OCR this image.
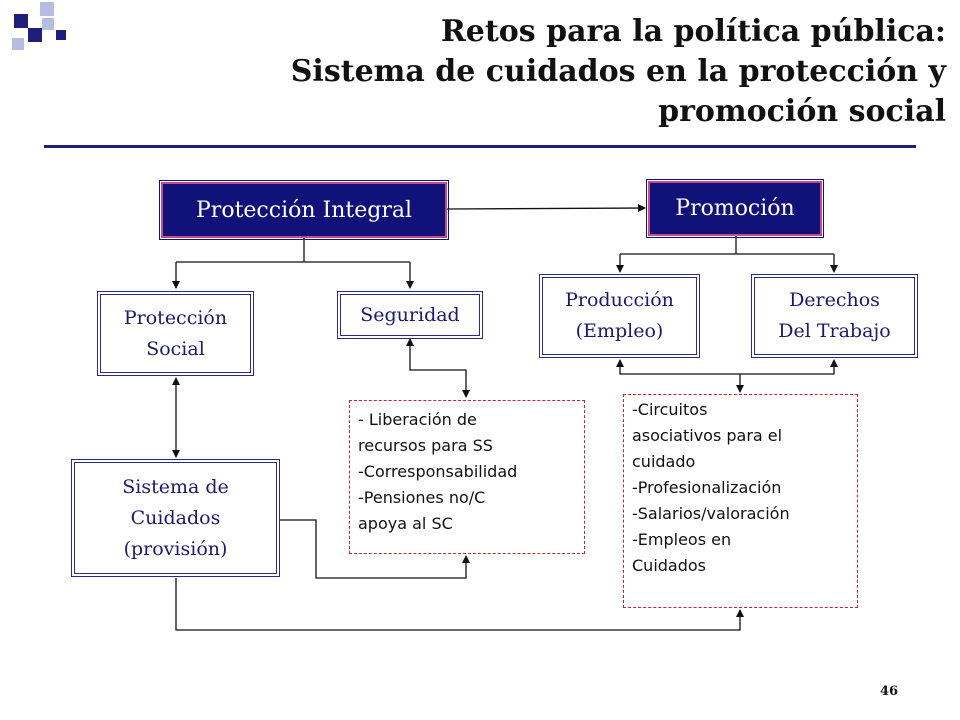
Retos para la política pública:
Sistema de cuidados en la protección y
promoción social
Protección Integral	Promoción
Protección
Social
Seguridad
Producción
(Empleo)
Derechos
Del Trabajo
Sistema de
Cuidados
(provisión)
- Liberación de
recursos para SS
-Corresponsabilidad
-Pensiones no/C
apoya al SC
-Circuitos
asociativos para el
cuidado
-Profesionalización
-Salarios/valoración
-Empleos en
Cuidados
46
